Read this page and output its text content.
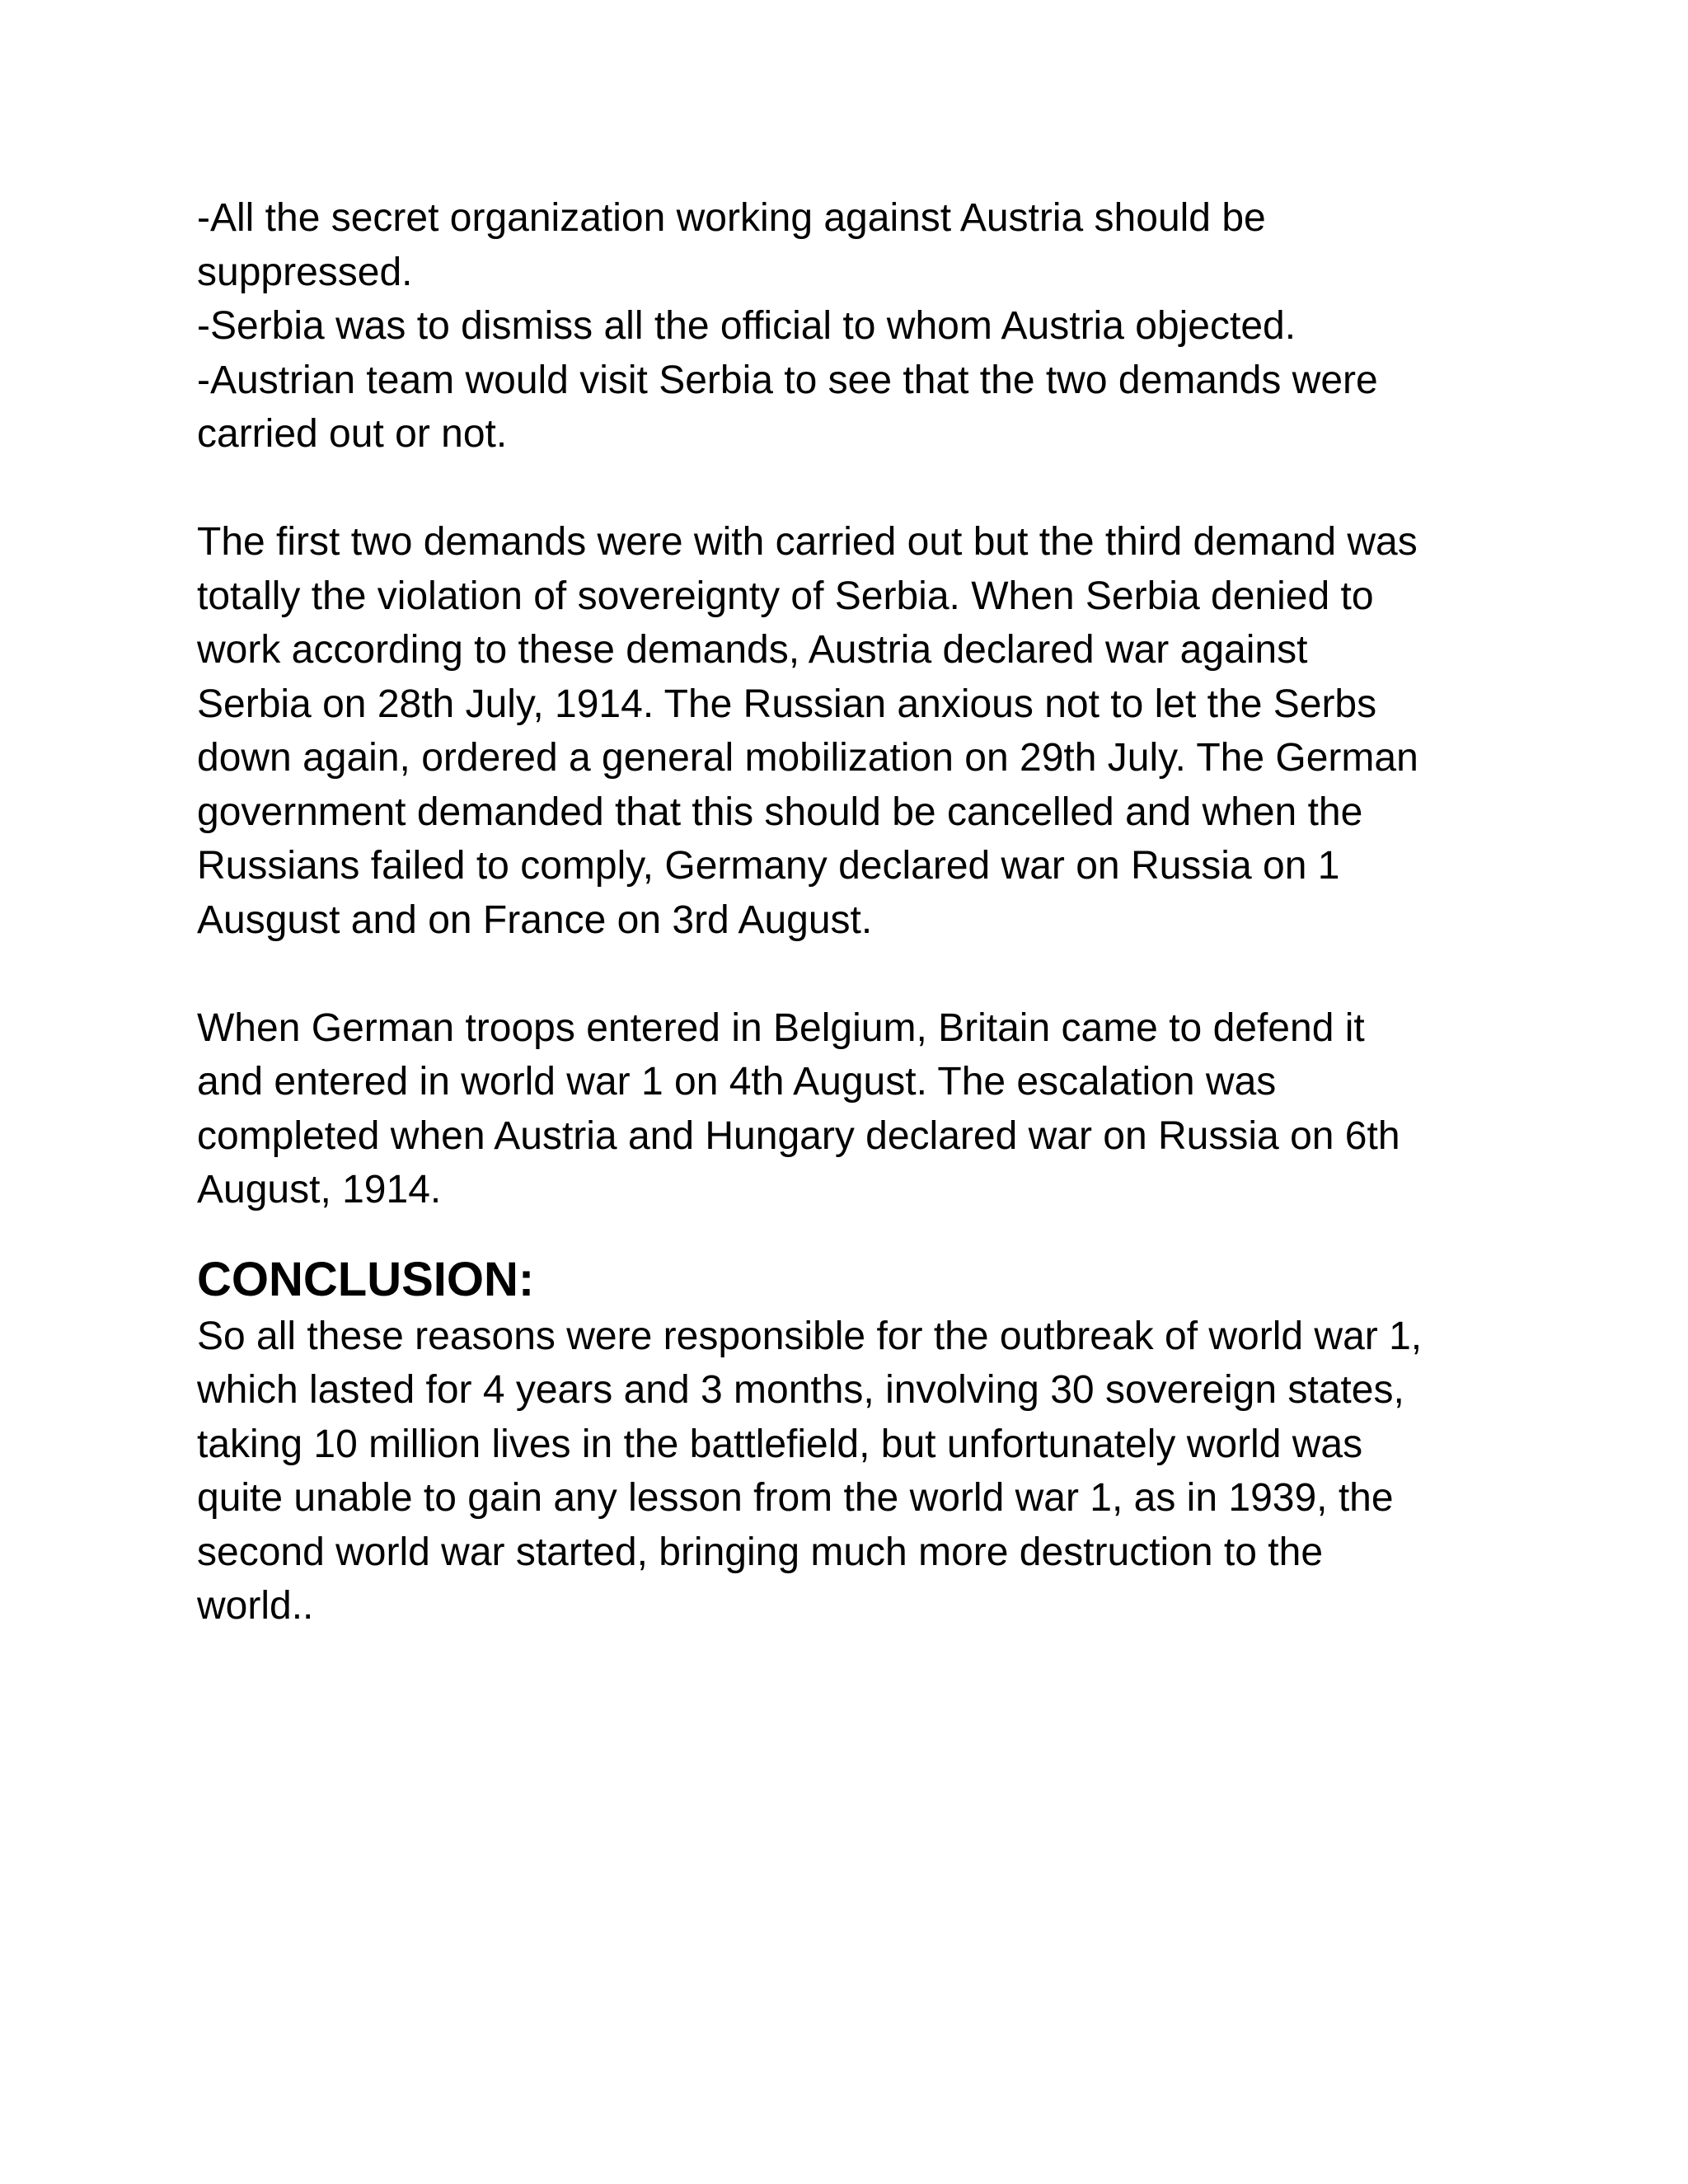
-All the secret organization working against Austria should be
suppressed.
-Serbia was to dismiss all the official to whom Austria objected.
-Austrian team would visit Serbia to see that the two demands were
carried out or not.
The first two demands were with carried out but the third demand was
totally the violation of sovereignty of Serbia. When Serbia denied to
work according to these demands, Austria declared war against
Serbia on 28th July, 1914. The Russian anxious not to let the Serbs
down again, ordered a general mobilization on 29th July. The German
government demanded that this should be cancelled and when the
Russians failed to comply, Germany declared war on Russia on 1
Ausgust and on France on 3rd August.
When German troops entered in Belgium, Britain came to defend it
and entered in world war 1 on 4th August. The escalation was
completed when Austria and Hungary declared war on Russia on 6th
August, 1914.
CONCLUSION:
So all these reasons were responsible for the outbreak of world war 1,
which lasted for 4 years and 3 months, involving 30 sovereign states,
taking 10 million lives in the battlefield, but unfortunately world was
quite unable to gain any lesson from the world war 1, as in 1939, the
second world war started, bringing much more destruction to the
world..
